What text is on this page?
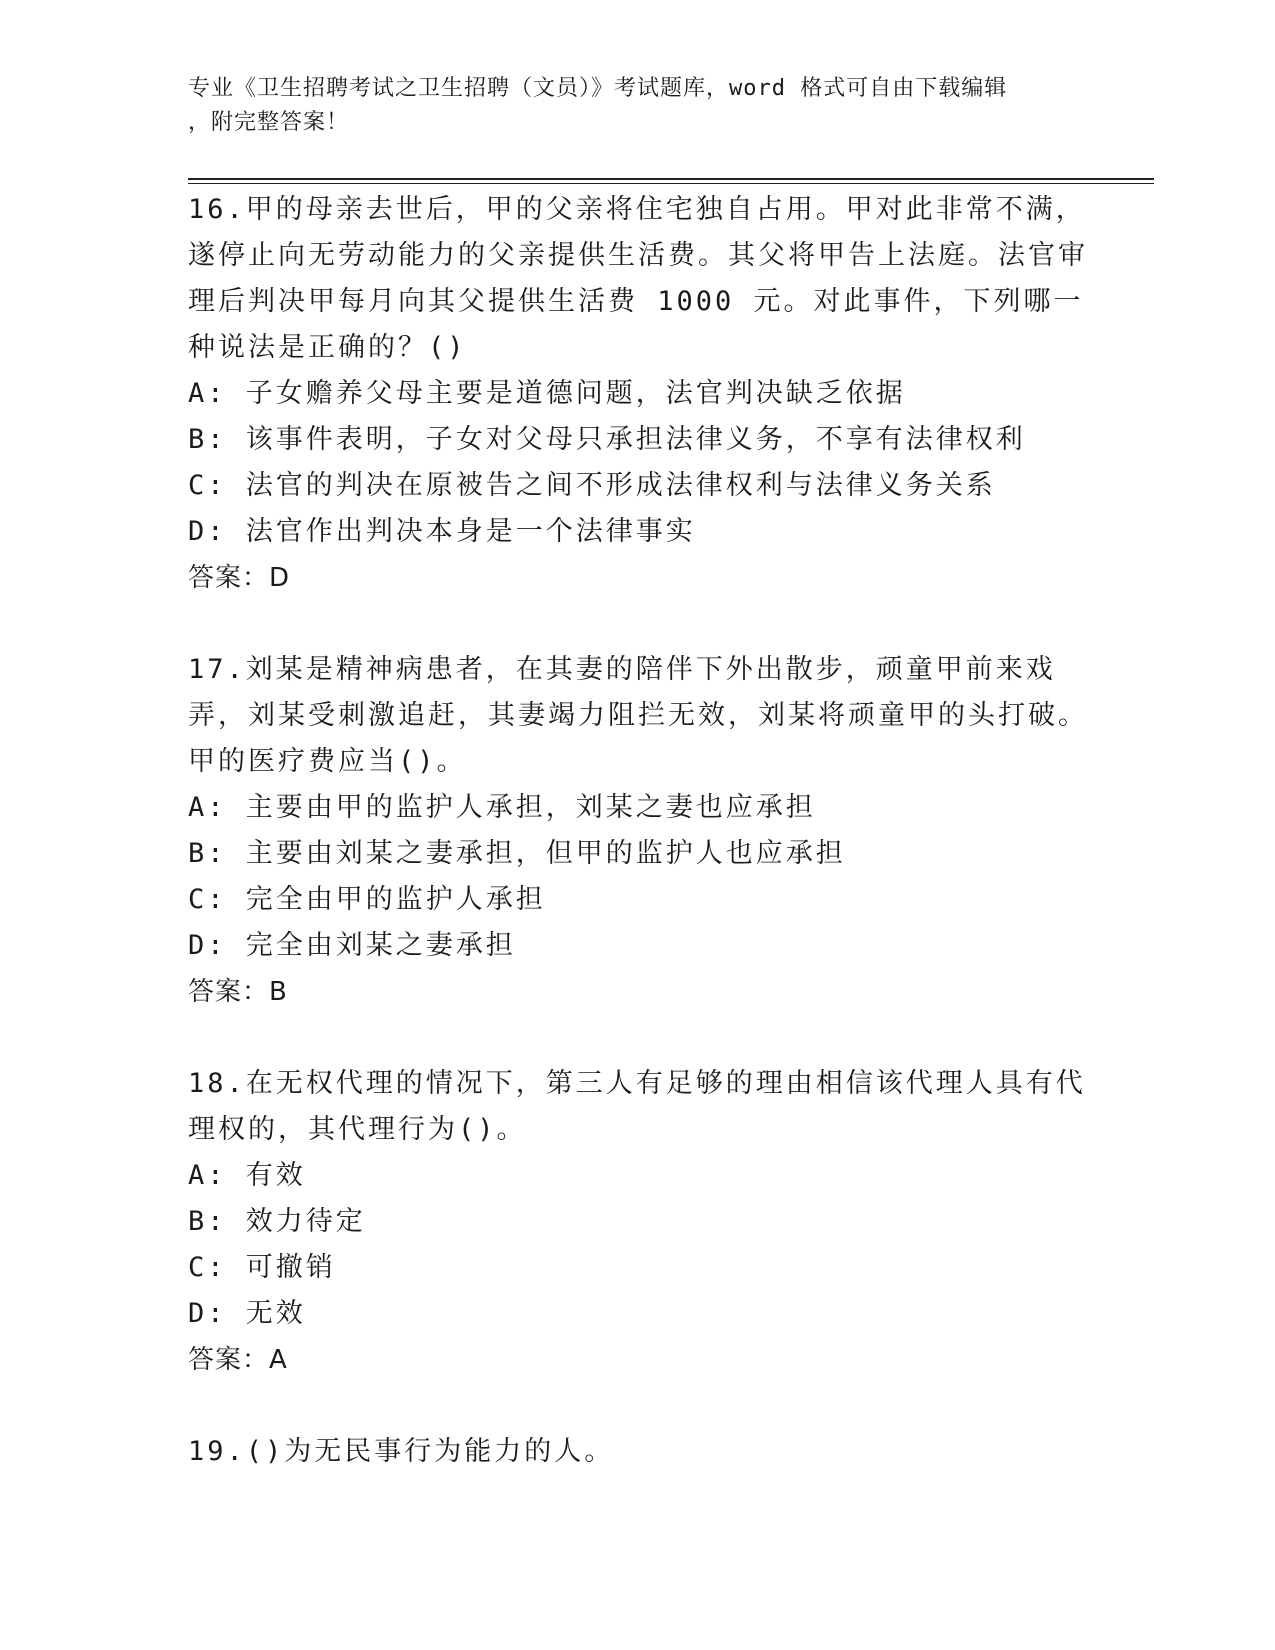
专业《卫生招聘考试之卫生招聘（文员）》考试题库，word 格式可自由下载编辑
，附完整答案！
16.甲的母亲去世后，甲的父亲将住宅独自占用。甲对此非常不满，遂停止向无劳动能力的父亲提供生活费。其父将甲告上法庭。法官审理后判决甲每月向其父提供生活费 1000 元。对此事件，下列哪一种说法是正确的？()
A: 子女赡养父母主要是道德问题，法官判决缺乏依据
B: 该事件表明，子女对父母只承担法律义务，不享有法律权利
C: 法官的判决在原被告之间不形成法律权利与法律义务关系
D: 法官作出判决本身是一个法律事实
答案：D
17.刘某是精神病患者，在其妻的陪伴下外出散步，顽童甲前来戏弄，刘某受刺激追赶，其妻竭力阻拦无效，刘某将顽童甲的头打破。甲的医疗费应当()。
A: 主要由甲的监护人承担，刘某之妻也应承担
B: 主要由刘某之妻承担，但甲的监护人也应承担
C: 完全由甲的监护人承担
D: 完全由刘某之妻承担
答案：B
18.在无权代理的情况下，第三人有足够的理由相信该代理人具有代理权的，其代理行为()。
A: 有效
B: 效力待定
C: 可撤销
D: 无效
答案：A
19.()为无民事行为能力的人。
